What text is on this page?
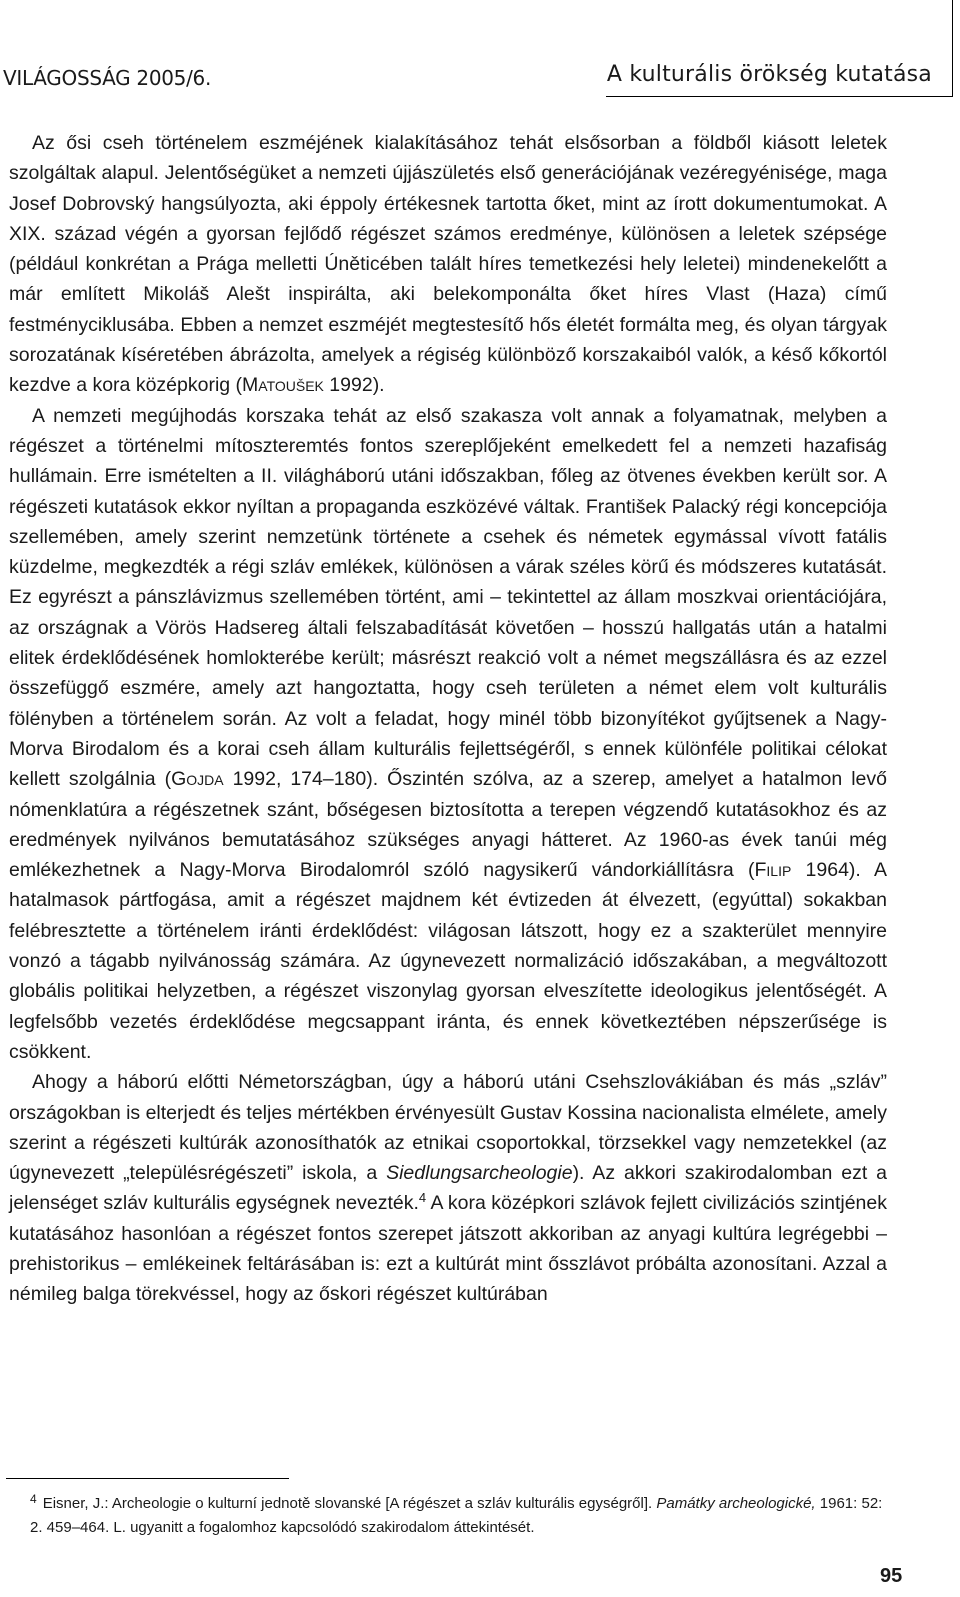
VILÁGOSSÁG 2005/6.	A kulturális örökség kutatása

Az ősi cseh történelem eszméjének kialakításához tehát elsősorban a földből kiásott leletek szolgáltak alapul. Jelentőségüket a nemzeti újjászületés első generációjának vezéregyénisége, maga Josef Dobrovský hangsúlyozta, aki éppoly értékesnek tartotta őket, mint az írott dokumentumokat. A XIX. század végén a gyorsan fejlődő régészet számos eredménye, különösen a leletek szépsége (például konkrétan a Prága melletti Úněticében talált híres temetkezési hely leletei) mindenekelőtt a már említett Mikoláš Alešt inspirálta, aki belekomponálta őket híres Vlast (Haza) című festményciklusába. Ebben a nemzet eszméjét megtestesítő hős életét formálta meg, és olyan tárgyak sorozatának kíséretében ábrázolta, amelyek a régiség különböző korszakaiból valók, a késő kőkortól kezdve a kora középkorig (Matoušek 1992).

A nemzeti megújhodás korszaka tehát az első szakasza volt annak a folyamatnak, melyben a régészet a történelmi mítoszteremtés fontos szereplőjeként emelkedett fel a nemzeti hazafiság hullámain. Erre ismételten a II. világháború utáni időszakban, főleg az ötvenes években került sor. A régészeti kutatások ekkor nyíltan a propaganda eszközévé váltak. František Palacký régi koncepciója szellemében, amely szerint nemzetünk története a csehek és németek egymással vívott fatális küzdelme, megkezdték a régi szláv emlékek, különösen a várak széles körű és módszeres kutatását. Ez egyrészt a pánszlávizmus szellemében történt, ami – tekintettel az állam moszkvai orientációjára, az országnak a Vörös Hadsereg általi felszabadítását követően – hosszú hallgatás után a hatalmi elitek érdeklődésének homlokterébe került; másrészt reakció volt a német megszállásra és az ezzel összefüggő eszmére, amely azt hangoztatta, hogy cseh területen a német elem volt kulturális fölényben a történelem során. Az volt a feladat, hogy minél több bizonyítékot gyűjtsenek a Nagy-Morva Birodalom és a korai cseh állam kulturális fejlettségéről, s ennek különféle politikai célokat kellett szolgálnia (Gojda 1992, 174–180). Őszintén szólva, az a szerep, amelyet a hatalmon levő nómenklatúra a régészetnek szánt, bőségesen biztosította a terepen végzendő kutatásokhoz és az eredmények nyilvános bemutatásához szükséges anyagi hátteret. Az 1960-as évek tanúi még emlékezhetnek a Nagy-Morva Birodalomról szóló nagysikerű vándorkiállításra (Filip 1964). A hatalmasok pártfogása, amit a régészet majdnem két évtizeden át élvezett, (egyúttal) sokakban felébresztette a történelem iránti érdeklődést: világosan látszott, hogy ez a szakterület mennyire vonzó a tágabb nyilvánosság számára. Az úgynevezett normalizáció időszakában, a megváltozott globális politikai helyzetben, a régészet viszonylag gyorsan elveszítette ideologikus jelentőségét. A legfelsőbb vezetés érdeklődése megcsappant iránta, és ennek következtében népszerűsége is csökkent.

Ahogy a háború előtti Németországban, úgy a háború utáni Csehszlovákiában és más „szláv” országokban is elterjedt és teljes mértékben érvényesült Gustav Kossina nacionalista elmélete, amely szerint a régészeti kultúrák azonosíthatók az etnikai csoportokkal, törzsekkel vagy nemzetekkel (az úgynevezett „településrégészeti” iskola, a Siedlungsarcheologie). Az akkori szakirodalomban ezt a jelenséget szláv kulturális egységnek nevezték.$^4$ A kora középkori szlávok fejlett civilizációs szintjének kutatásához hasonlóan a régészet fontos szerepet játszott akkoriban az anyagi kultúra legrégebbi – prehistorikus – emlékeinek feltárásában is: ezt a kultúrát mint ősszlávot próbálta azonosítani. Azzal a némileg balga törekvéssel, hogy az őskori régészet kultúrában

$^4$ Eisner, J.: Archeologie o kulturní jednotě slovanské [A régészet a szláv kulturális egységről]. Památky archeologické, 1961: 52: 2. 459–464. L. ugyanitt a fogalomhoz kapcsolódó szakirodalom áttekintését.
95
